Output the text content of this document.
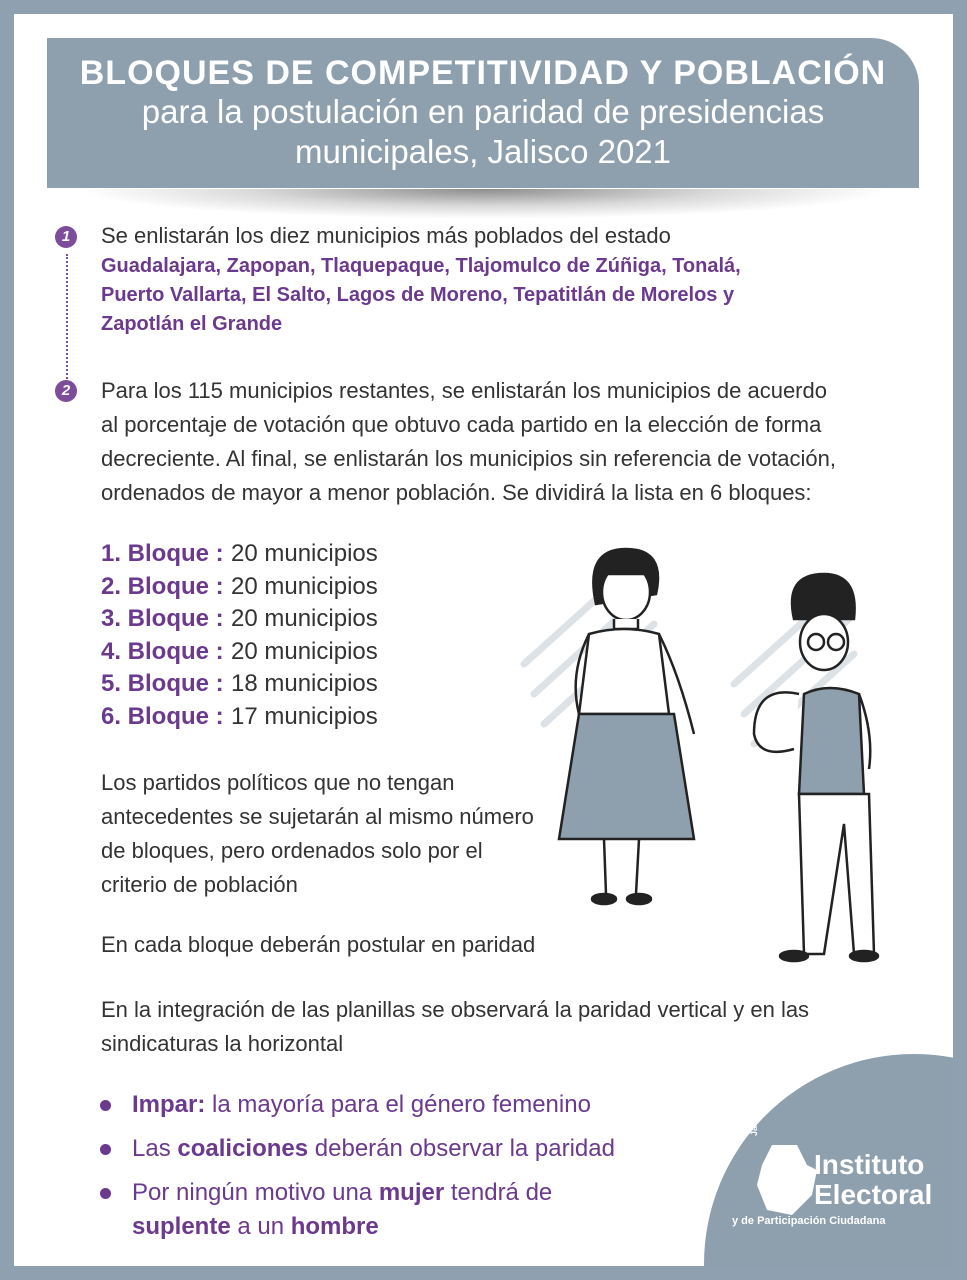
BLOQUES DE COMPETITIVIDAD Y POBLACIÓN
para la postulación en paridad de presidencias municipales, Jalisco 2021
1	Se enlistarán los diez municipios más poblados del estado
Guadalajara, Zapopan, Tlaquepaque, Tlajomulco de Zúñiga, Tonalá,
Puerto Vallarta, El Salto, Lagos de Moreno, Tepatitlán de Morelos y
Zapotlán el Grande
2	Para los 115 municipios restantes, se enlistarán los municipios de acuerdo
al porcentaje de votación que obtuvo cada partido en la elección de forma
decreciente. Al final, se enlistarán los municipios sin referencia de votación,
ordenados de mayor a menor población. Se dividirá la lista en 6 bloques:
1. Bloque : 20 municipios
2. Bloque : 20 municipios
3. Bloque : 20 municipios
4. Bloque : 20 municipios
5. Bloque : 18 municipios
6. Bloque : 17 municipios
Los partidos políticos que no tengan
antecedentes se sujetarán al mismo número
de bloques, pero ordenados solo por el
criterio de población
En cada bloque deberán postular en paridad
En la integración de las planillas se observará la paridad vertical y en las
sindicaturas la horizontal
Jalisco
Instituto
Electoral
y de Participación Ciudadana
Impar: la mayoría para el género femenino
Las coaliciones deberán observar la paridad
Por ningún motivo una mujer tendrá de
suplente a un hombre
